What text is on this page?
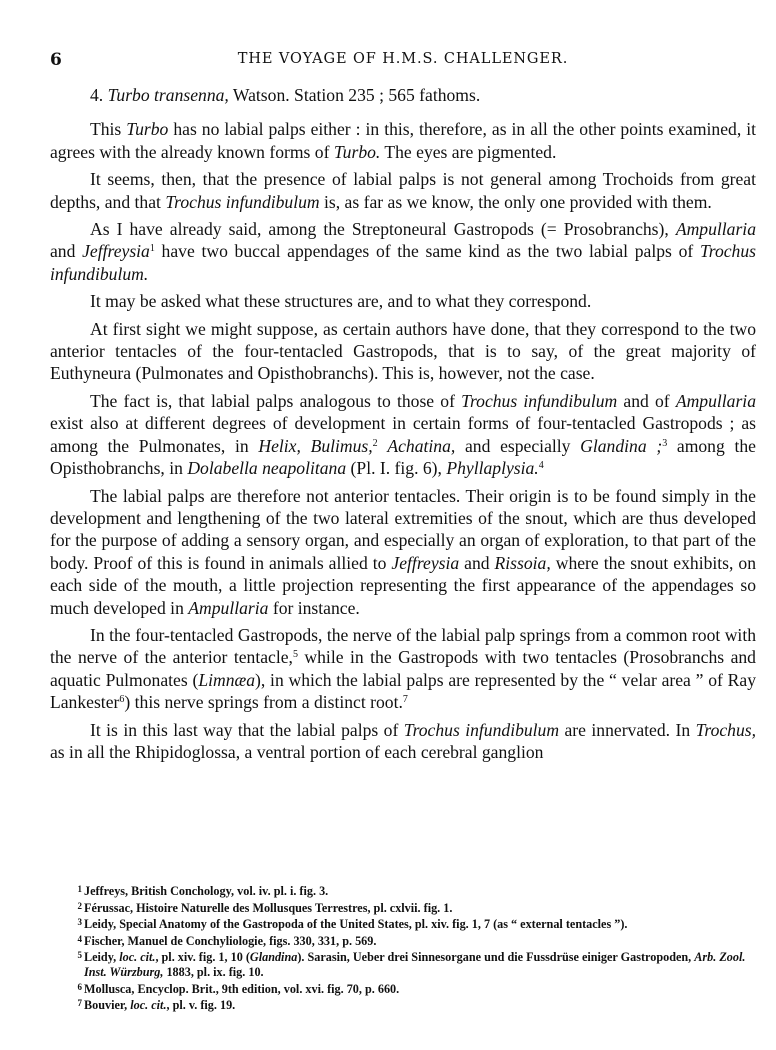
6	THE VOYAGE OF H.M.S. CHALLENGER.

4. Turbo transenna, Watson. Station 235 ; 565 fathoms.

This Turbo has no labial palps either : in this, therefore, as in all the other points examined, it agrees with the already known forms of Turbo. The eyes are pigmented.

It seems, then, that the presence of labial palps is not general among Trochoids from great depths, and that Trochus infundibulum is, as far as we know, the only one provided with them.

As I have already said, among the Streptoneural Gastropods (= Prosobranchs), Ampullaria and Jeffreysia$^1$ have two buccal appendages of the same kind as the two labial palps of Trochus infundibulum.

It may be asked what these structures are, and to what they correspond.

At first sight we might suppose, as certain authors have done, that they correspond to the two anterior tentacles of the four-tentacled Gastropods, that is to say, of the great majority of Euthyneura (Pulmonates and Opisthobranchs). This is, however, not the case.

The fact is, that labial palps analogous to those of Trochus infundibulum and of Ampullaria exist also at different degrees of development in certain forms of four-tentacled Gastropods ; as among the Pulmonates, in Helix, Bulimus,$^2$ Achatina, and especially Glandina ;$^3$ among the Opisthobranchs, in Dolabella neapolitana (Pl. I. fig. 6), Phyllaplysia.$^4$

The labial palps are therefore not anterior tentacles. Their origin is to be found simply in the development and lengthening of the two lateral extremities of the snout, which are thus developed for the purpose of adding a sensory organ, and especially an organ of exploration, to that part of the body. Proof of this is found in animals allied to Jeffreysia and Rissoia, where the snout exhibits, on each side of the mouth, a little projection representing the first appearance of the appendages so much developed in Ampullaria for instance.

In the four-tentacled Gastropods, the nerve of the labial palp springs from a common root with the nerve of the anterior tentacle,$^5$ while in the Gastropods with two tentacles (Prosobranchs and aquatic Pulmonates (Limnæa), in which the labial palps are represented by the “ velar area ” of Ray Lankester$^6$) this nerve springs from a distinct root.$^7$

It is in this last way that the labial palps of Trochus infundibulum are innervated. In Trochus, as in all the Rhipidoglossa, a ventral portion of each cerebral ganglion

1 Jeffreys, British Conchology, vol. iv. pl. i. fig. 3.

2 Férussac, Histoire Naturelle des Mollusques Terrestres, pl. cxlvii. fig. 1.

3 Leidy, Special Anatomy of the Gastropoda of the United States, pl. xiv. fig. 1, 7 (as “ external tentacles ”).

4 Fischer, Manuel de Conchyliologie, figs. 330, 331, p. 569.

5 Leidy, loc. cit., pl. xiv. fig. 1, 10 (Glandina). Sarasin, Ueber drei Sinnesorgane und die Fussdrüse einiger Gastropoden, Arb. Zool. Inst. Würzburg, 1883, pl. ix. fig. 10.

6 Mollusca, Encyclop. Brit., 9th edition, vol. xvi. fig. 70, p. 660.

7 Bouvier, loc. cit., pl. v. fig. 19.
